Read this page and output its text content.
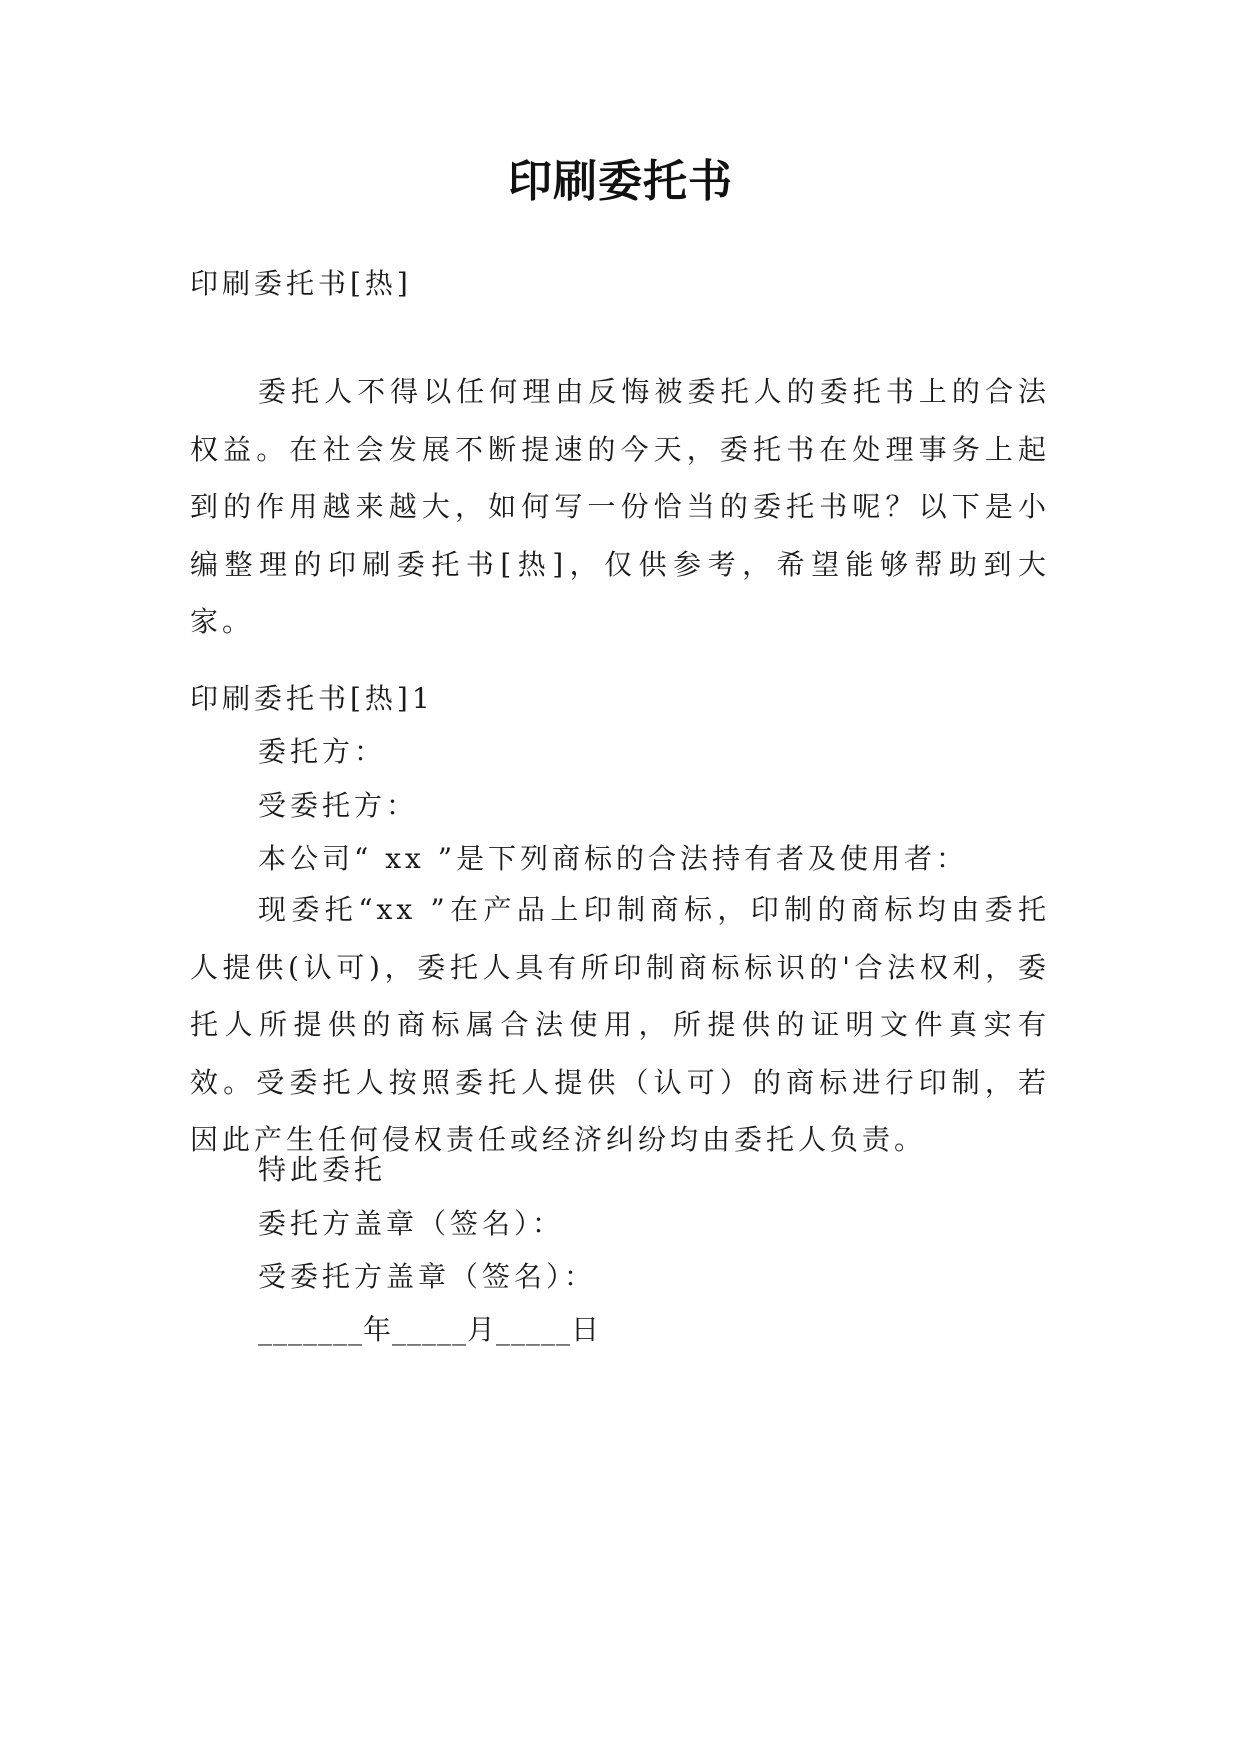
印刷委托书
印刷委托书[热]
委托人不得以任何理由反悔被委托人的委托书上的合法权益。在社会发展不断提速的今天，委托书在处理事务上起到的作用越来越大，如何写一份恰当的委托书呢？以下是小编整理的印刷委托书[热]，仅供参考，希望能够帮助到大家。
印刷委托书[热]1
委托方：
受委托方：
本公司“ xx ”是下列商标的合法持有者及使用者：
现委托“xx ”在产品上印制商标，印制的商标均由委托人提供(认可)，委托人具有所印制商标标识的'合法权利，委托人所提供的商标属合法使用，所提供的证明文件真实有效。受委托人按照委托人提供（认可）的商标进行印制，若因此产生任何侵权责任或经济纠纷均由委托人负责。
特此委托
委托方盖章（签名）：
受委托方盖章（签名）：
_______年_____月_____日
